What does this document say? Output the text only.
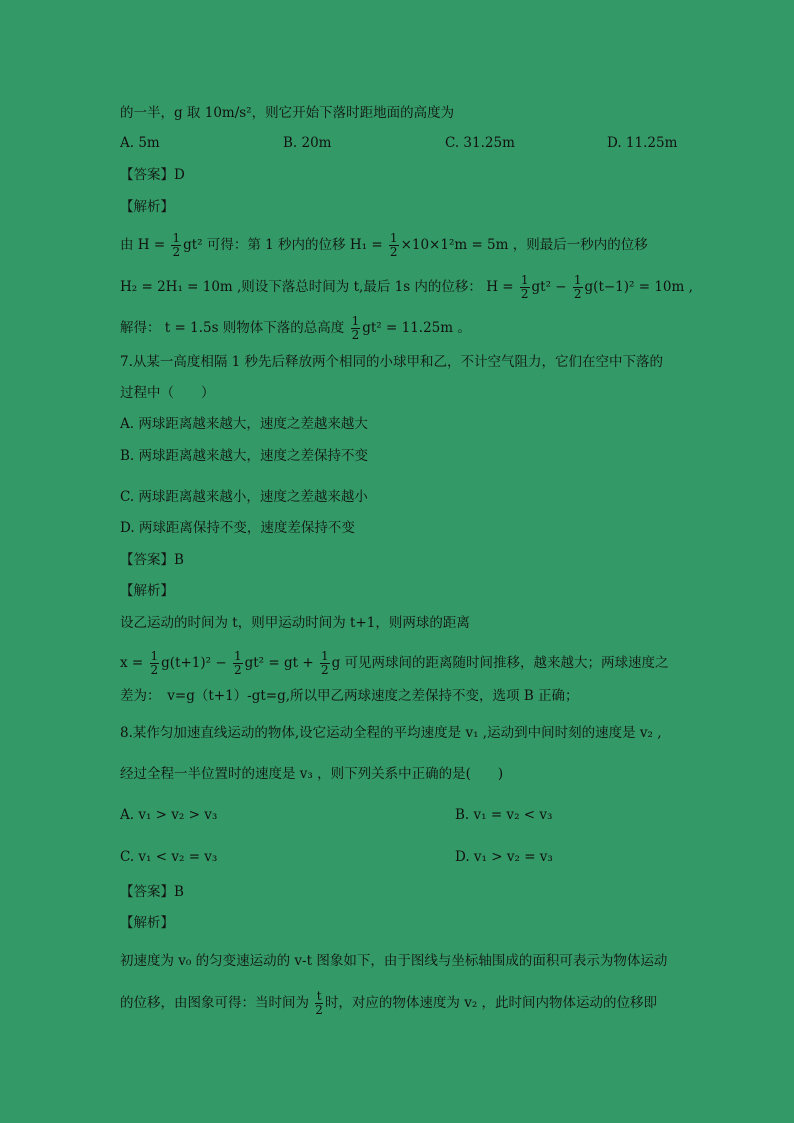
的一半，g 取 10m/s²，则它开始下落时距地面的高度为
A. 5m	B. 20m	C. 31.25m	D. 11.25m
【答案】D
【解析】
由 $H = \frac{1}{2} gt^2$ 可得：第 1 秒内的位移 $H_1 = \frac{1}{2} \times 10\times 1^2m = 5m$ ，则最后一秒内的位移
H₂ = 2H₁ = 10m ,则设下落总时间为 t,最后 1s 内的位移： $H = \frac{1}{2} gt^2 - \frac{1}{2} g(t-1)^2 = 10m$ ,
解得： t = 1.5s 则物体下落的总高度 $\frac{1}{2} gt^2 = 11.25m$ 。
7.从某一高度相隔 1 秒先后释放两个相同的小球甲和乙，不计空气阻力，它们在空中下落的
过程中（　　）
A. 两球距离越来越大，速度之差越来越大
B. 两球距离越来越大，速度之差保持不变
C. 两球距离越来越小，速度之差越来越小
D. 两球距离保持不变，速度差保持不变
【答案】B
【解析】
设乙运动的时间为 t，则甲运动时间为 t+1，则两球的距离
$x = \frac{1}{2} g(t+1)^2 - \frac{1}{2} gt^2$ = gt + $\frac{1}{2}$ g 可见两球间的距离随时间推移，越来越大；两球速度之
差为：　v=g（t+1）-gt=g,所以甲乙两球速度之差保持不变，选项 B 正确；
8.某作匀加速直线运动的物体,设它运动全程的平均速度是 v₁ ,运动到中间时刻的速度是 v₂ ,
经过全程一半位置时的速度是 v₃ ，则下列关系中正确的是(　　)
A. v₁ > v₂ > v₃	B. v₁ = v₂ < v₃
C. v₁ < v₂ = v₃	D. v₁ > v₂ = v₃
【答案】B
【解析】
初速度为 v₀ 的匀变速运动的 v-t 图象如下，由于图线与坐标轴围成的面积可表示为物体运动
的位移，由图象可得：当时间为 $\frac{t}{2}$ 时，对应的物体速度为 v₂ ，此时间内物体运动的位移即
